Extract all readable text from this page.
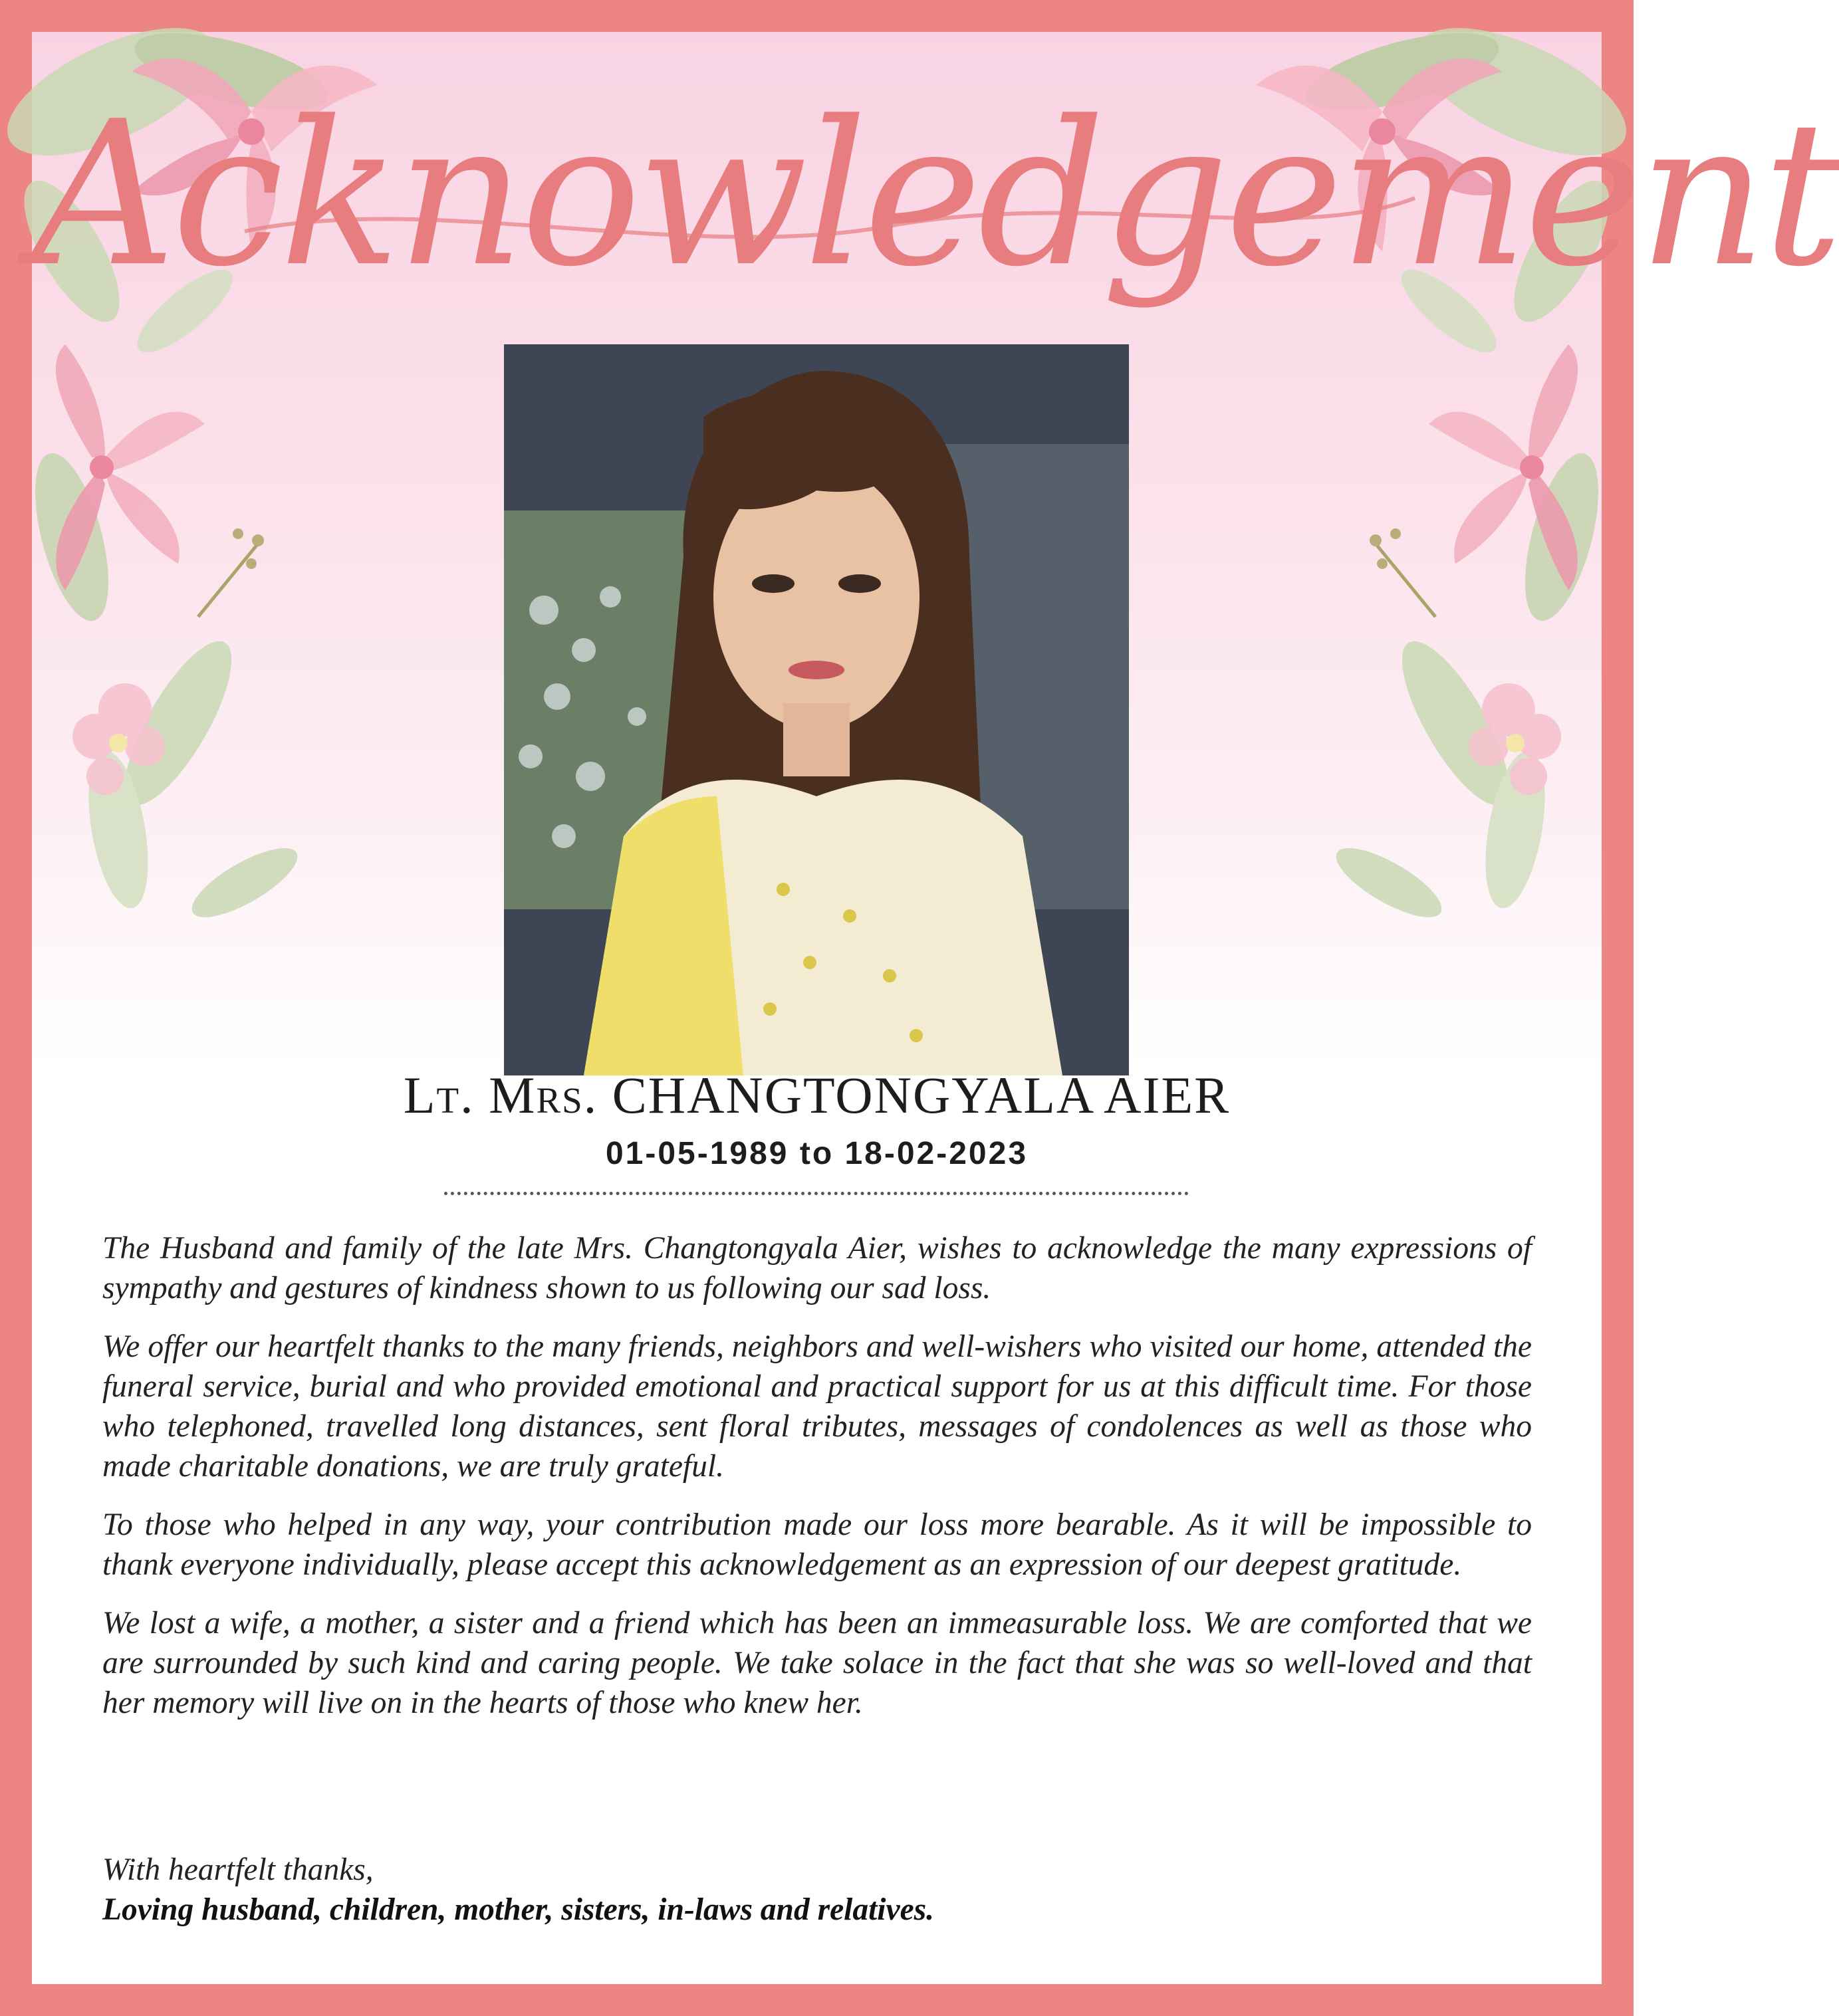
Acknowledgement
Lt. Mrs. CHANGTONGYALA AIER
01-05-1989 to 18-02-2023

The Husband and family of the late Mrs. Changtongyala Aier, wishes to acknowledge the many expressions of sympathy and gestures of kindness shown to us following our sad loss.

We offer our heartfelt thanks to the many friends, neighbors and well-wishers who visited our home, attended the funeral service, burial and who provided emotional and practical support for us at this difficult time. For those who telephoned, travelled long distances, sent floral tributes, messages of condolences as well as those who made charitable donations, we are truly grateful.

To those who helped in any way, your contribution made our loss more bearable. As it will be impossible to thank everyone individually, please accept this acknowledgement as an expression of our deepest gratitude.

We lost a wife, a mother, a sister and a friend which has been an immeasurable loss. We are comforted that we are surrounded by such kind and caring people. We take solace in the fact that she was so well-loved and that her memory will live on in the hearts of those who knew her.

With heartfelt thanks,
Loving husband, children, mother, sisters, in-laws and relatives.
